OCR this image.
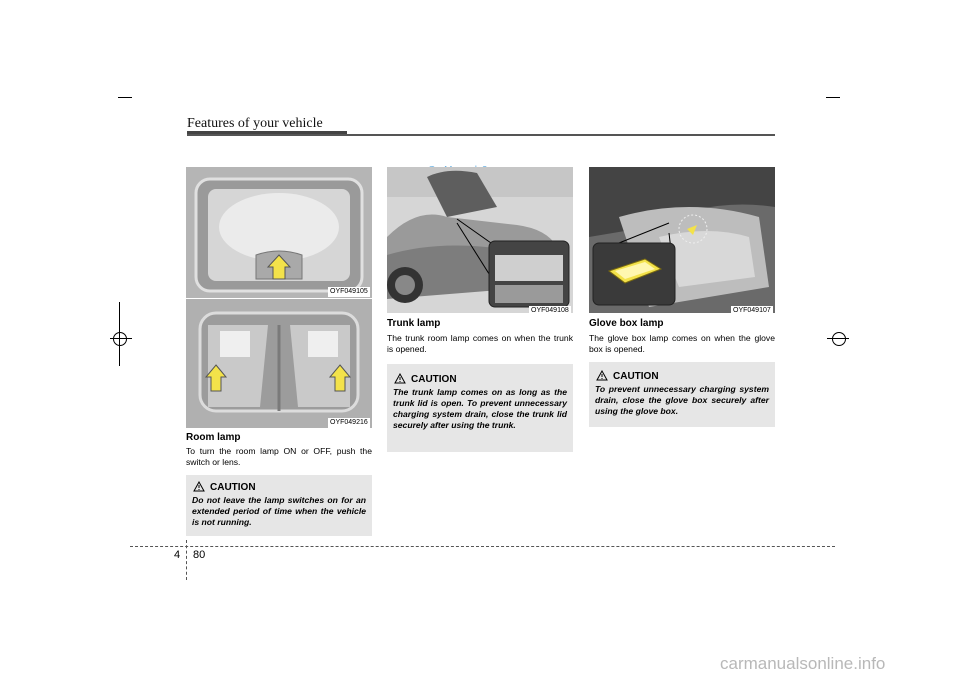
Features of your vehicle
OYF049105
OYF049216
Room lamp
To turn the room lamp ON or OFF, push the switch or lens.
CAUTION
Do not leave the lamp switches on for an extended period of time when the vehicle is not running.
OYF049108
Trunk lamp
The trunk room lamp comes on when the trunk is opened.
CAUTION
The trunk lamp comes on as long as the trunk lid is open. To prevent unnecessary charging system drain, close the trunk lid securely after using the trunk.
OYF049107
Glove box lamp
The glove box lamp comes on when the glove box is opened.
CAUTION
To prevent unnecessary charging system drain, close the glove box securely after using the glove box.
4 80
carmanualsonline.info
